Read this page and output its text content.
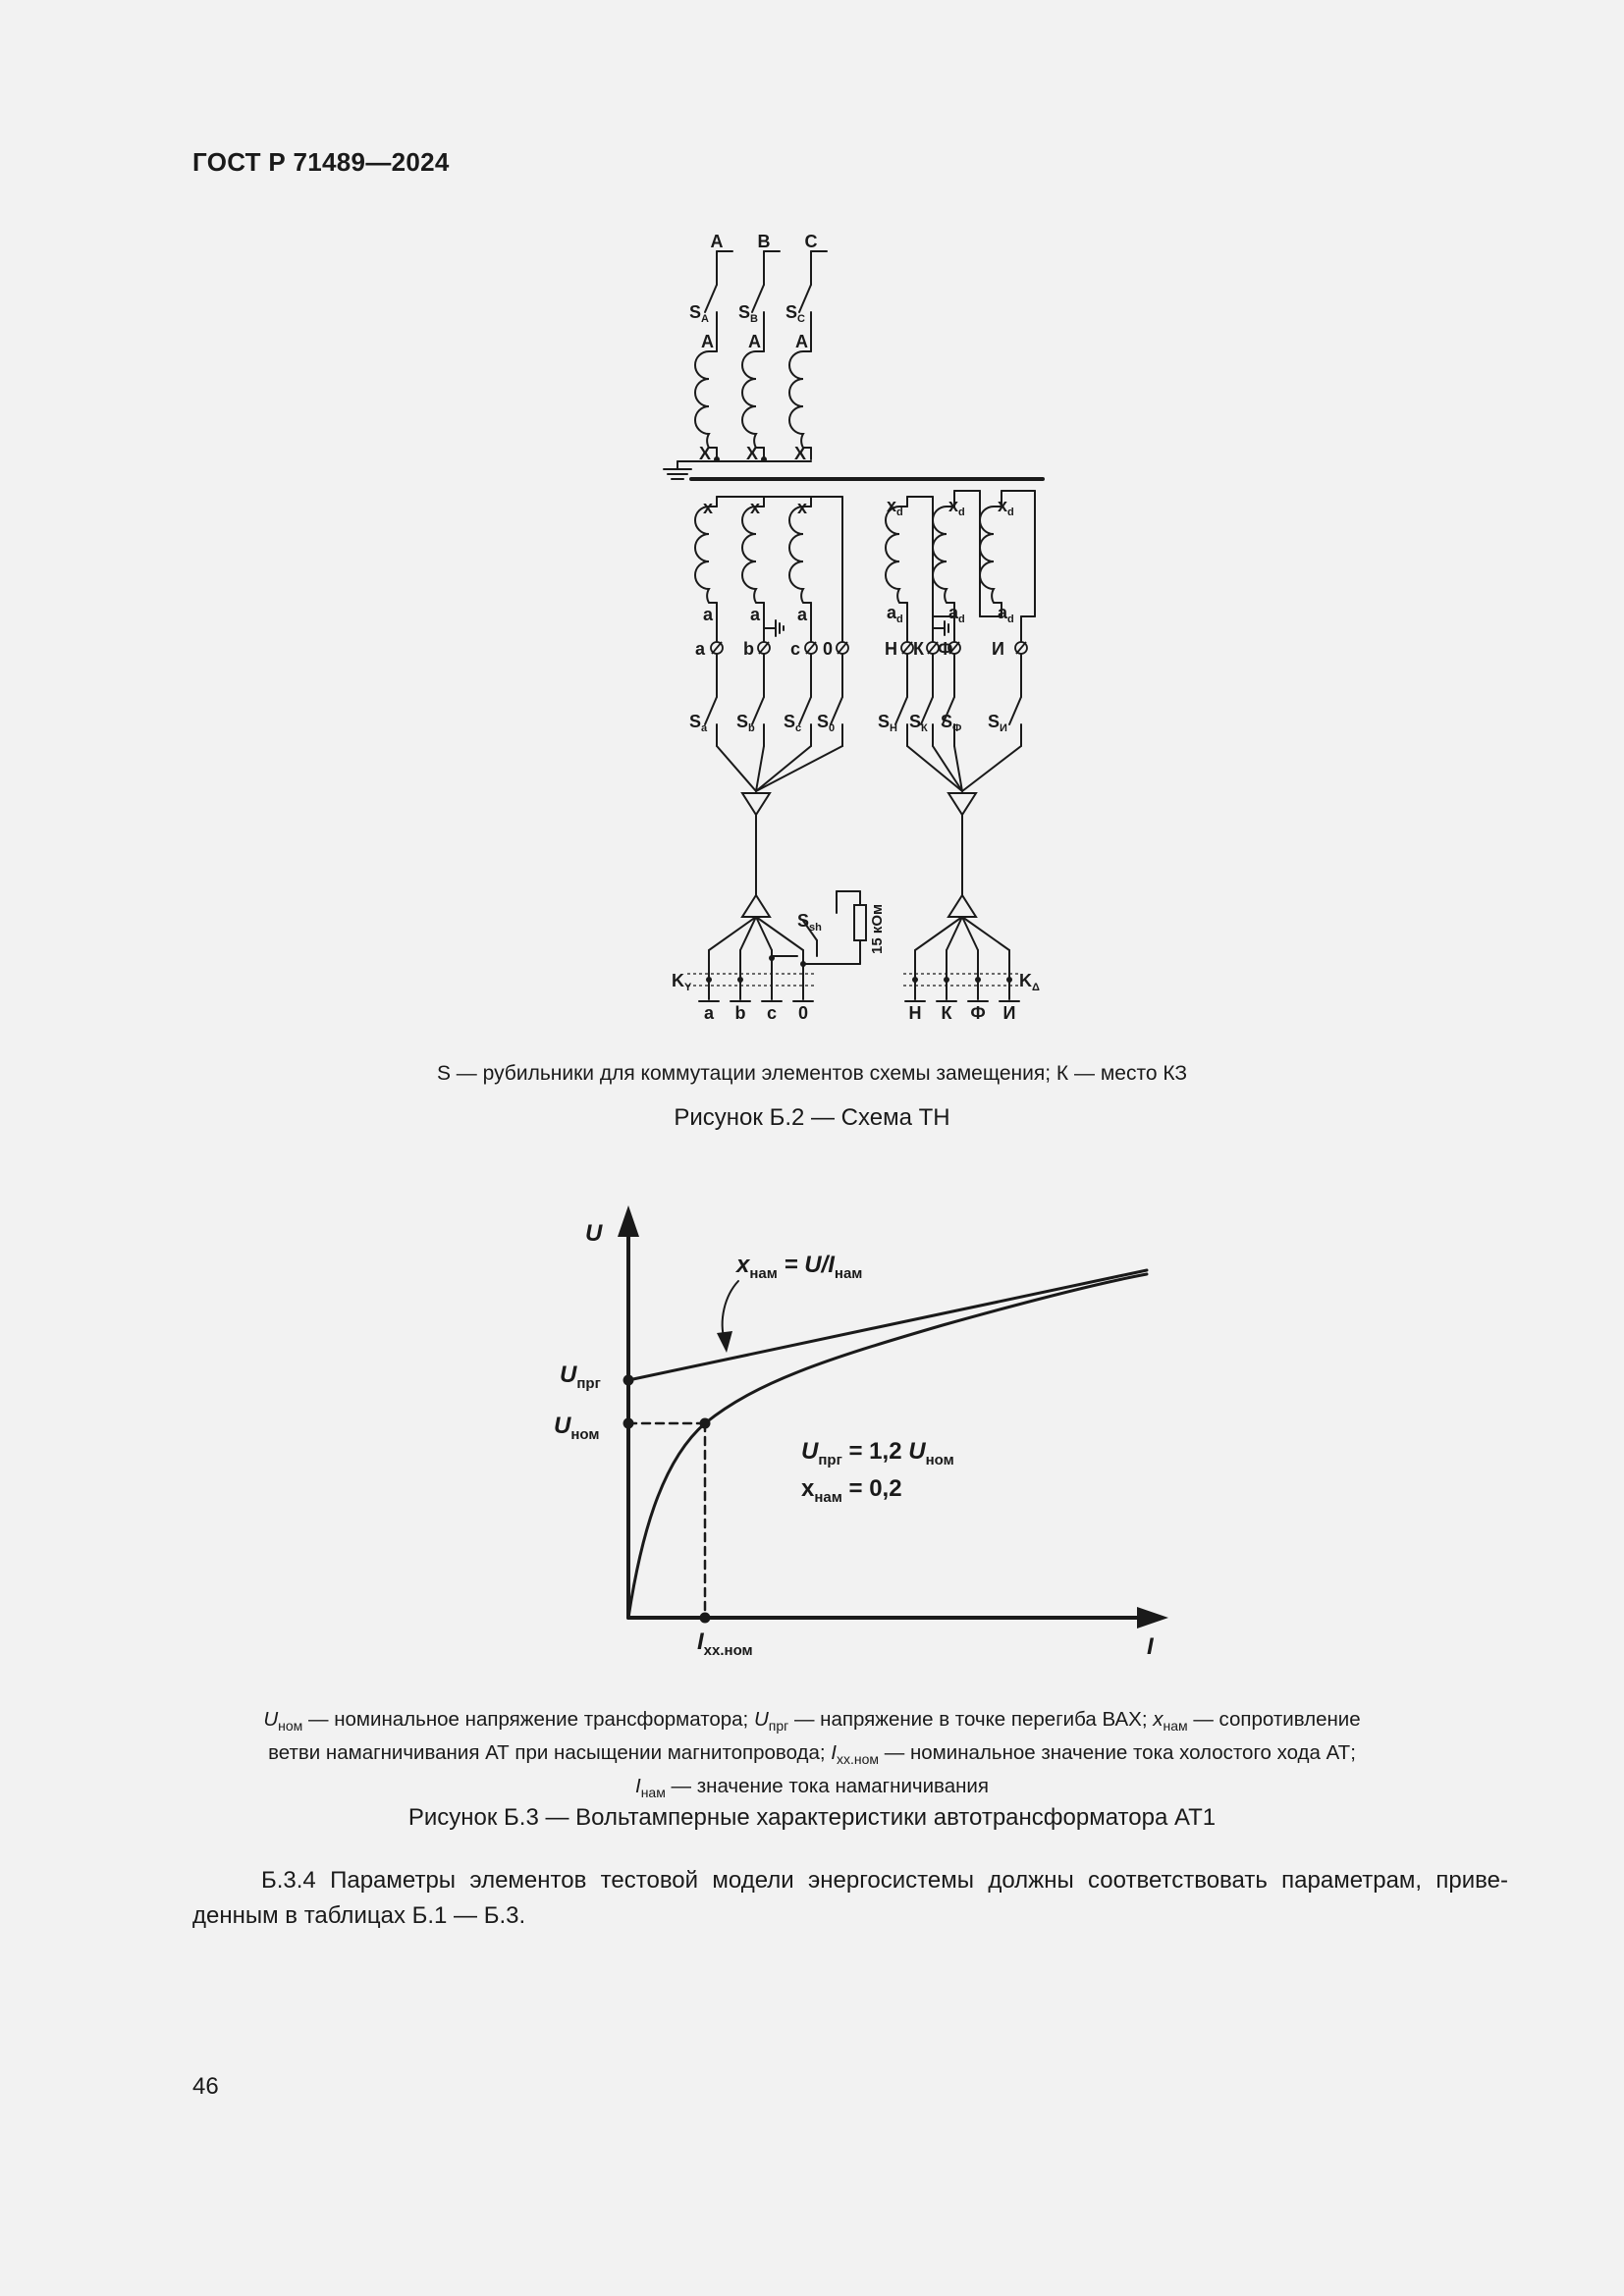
ГОСТ Р 71489—2024
A B C
$S_A$ $S_B$ $S_C$
A A A
X X X
x x x
a a a
$x_d$	$x_d$ $x_d$
$a_d$	$a_d$ $a_d$
a b c 0	Н К Ф И
$S_a$ $S_b$ $S_c$ $S_0$ $S_Н$ $S_К$ $S_Ф$ $S_И$
$S_{sh}$	15 кОм
$K_Y$	$K_\Delta$
a b c 0	Н К Ф И
S — рубильники для коммутации элементов схемы замещения; К — место КЗ
Рисунок Б.2 — Схема ТН
U
I
$U_{прг}$
$U_{ном}$
$I_{xx.ном}$
$x_{нам} = U/I_{нам}$
$U_{прг} = 1,2$ $U_{ном}$
$x_{нам} = 0,2$
$U_{ном}$ — номинальное напряжение трансформатора; $U_{прг}$ — напряжение в точке перегиба ВАХ; $x_{нам}$ — сопротивление
ветви намагничивания АТ при насыщении магнитопровода; $I_{xx.ном}$ — номинальное значение тока холостого хода АТ;
$I_{нам}$ — значение тока намагничивания
Рисунок Б.3 — Вольтамперные характеристики автотрансформатора АТ1
Б.3.4 Параметры элементов тестовой модели энергосистемы должны соответствовать параметрам, приве-
денным в таблицах Б.1 — Б.3.
46
